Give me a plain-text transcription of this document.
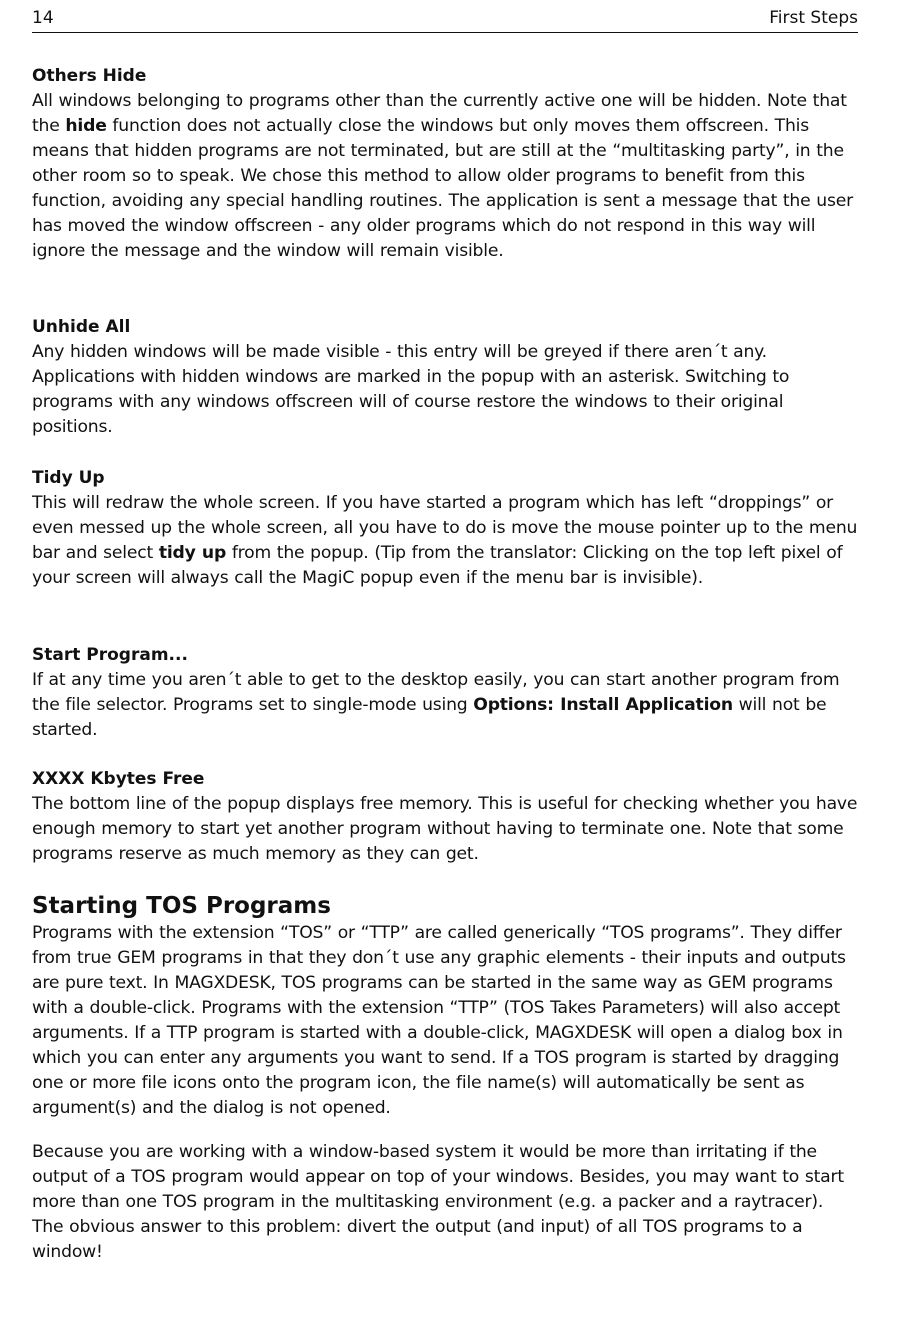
14	First Steps
Others Hide

All windows belonging to programs other than the currently active one will be hidden. Note that the hide function does not actually close the windows but only moves them offscreen. This means that hidden programs are not terminated, but are still at the “multitasking party”, in the other room so to speak. We chose this method to allow older programs to benefit from this function, avoiding any special handling routines. The application is sent a message that the user has moved the window offscreen - any older programs which do not respond in this way will ignore the message and the window will remain visible.

Unhide All

Any hidden windows will be made visible - this entry will be greyed if there aren´t any. Applications with hidden windows are marked in the popup with an asterisk. Switching to programs with any windows offscreen will of course restore the windows to their original positions.

Tidy Up

This will redraw the whole screen. If you have started a program which has left “droppings” or even messed up the whole screen, all you have to do is move the mouse pointer up to the menu bar and select tidy up from the popup. (Tip from the translator: Clicking on the top left pixel of your screen will always call the MagiC popup even if the menu bar is invisible).

Start Program...

If at any time you aren´t able to get to the desktop easily, you can start another program from the file selector. Programs set to single-mode using Options: Install Application will not be started.

XXXX Kbytes Free

The bottom line of the popup displays free memory. This is useful for checking whether you have enough memory to start yet another program without having to terminate one. Note that some programs reserve as much memory as they can get.

Starting TOS Programs

Programs with the extension “TOS” or “TTP” are called generically “TOS programs”. They differ from true GEM programs in that they don´t use any graphic elements - their inputs and outputs are pure text. In MAGXDESK, TOS programs can be started in the same way as GEM programs with a double-click. Programs with the extension “TTP” (TOS Takes Parameters) will also accept arguments. If a TTP program is started with a double-click, MAGXDESK will open a dialog box in which you can enter any arguments you want to send. If a TOS program is started by dragging one or more file icons onto the program icon, the file name(s) will automatically be sent as argument(s) and the dialog is not opened.

Because you are working with a window-based system it would be more than irritating if the output of a TOS program would appear on top of your windows. Besides, you may want to start more than one TOS program in the multitasking environment (e.g. a packer and a raytracer). The obvious answer to this problem: divert the output (and input) of all TOS programs to a window!
